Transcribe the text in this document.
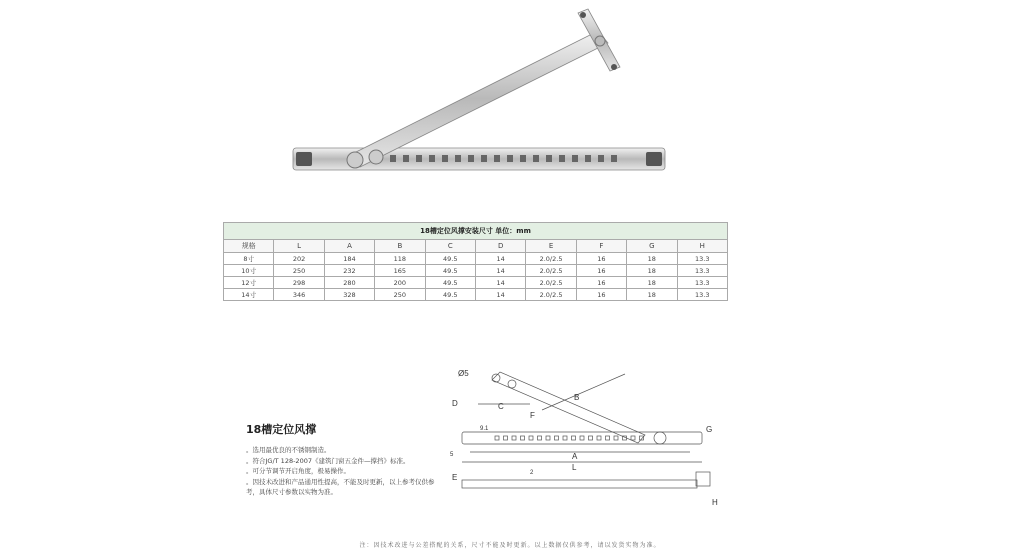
18槽定位风撑安装尺寸 单位：mm									
规格	L	A	B	C	D	E	F	G	H
8寸	202	184	118	49.5	14	2.0/2.5	16	18	13.3
10寸	250	232	165	49.5	14	2.0/2.5	16	18	13.3
12寸	298	280	200	49.5	14	2.0/2.5	16	18	13.3
14寸	346	328	250	49.5	14	2.0/2.5	16	18	13.3
18槽定位风撑
。选用最优良的不锈钢制造。
。符合JG/T 128-2007《建筑门窗五金件—撑挡》标准。
。可分节调节开启角度，极易操作。
。因技术改进和产品通用性提高，不能及时更新，以上参考仅供参考，具体尺寸参数以实物为准。
Ø5
D	C
B
F
G
A
L
E
H
9.1
5
2

注：因技术改进与公差搭配的关系，尺寸不能及时更新。以上数据仅供参考，请以发货实物为准。
